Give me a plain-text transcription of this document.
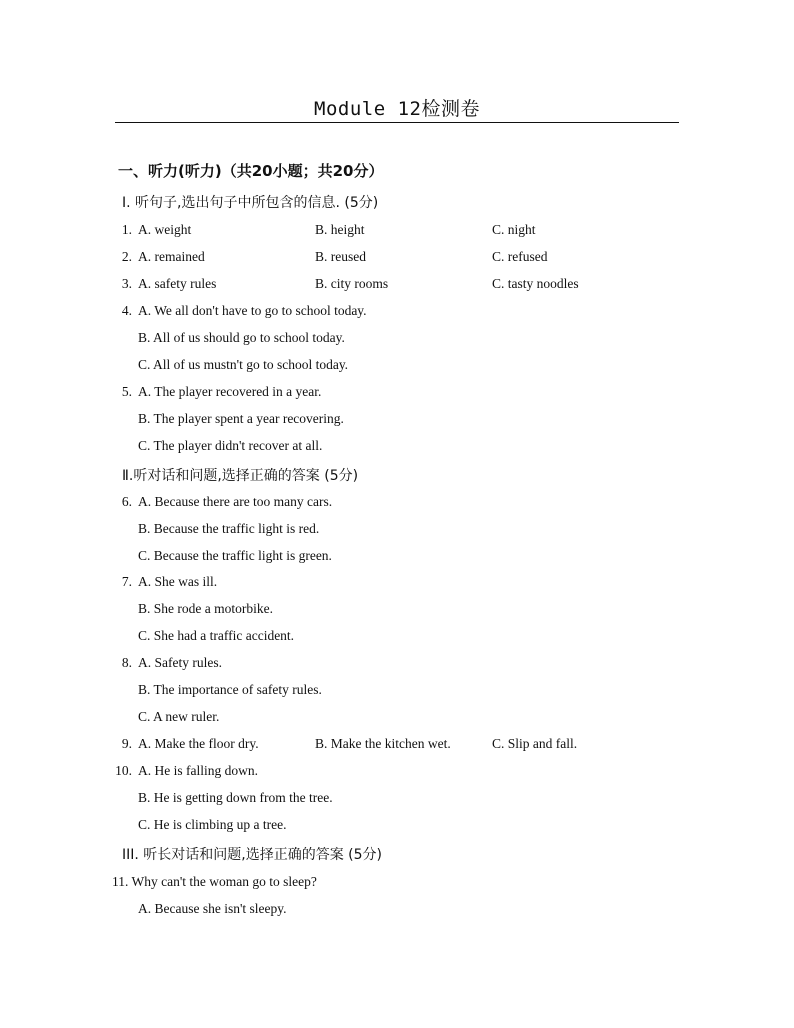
Module 12检测卷
一、听力(听力)（共20小题；共20分）
Ⅰ. 听句子,选出句子中所包含的信息. (5分)
1. A. weight	B. height	C. night
2. A. remained	B. reused	C. refused
3. A. safety rules	B. city rooms	C. tasty noodles
4. A. We all don't have to go to school today.
B. All of us should go to school today.
C. All of us mustn't go to school today.
5. A. The player recovered in a year.
B. The player spent a year recovering.
C. The player didn't recover at all.
Ⅱ.听对话和问题,选择正确的答案 (5分)
6. A. Because there are too many cars.
B. Because the traffic light is red.
C. Because the traffic light is green.
7. A. She was ill.
B. She rode a motorbike.
C. She had a traffic accident.
8. A. Safety rules.
B. The importance of safety rules.
C. A new ruler.
9. A. Make the floor dry.	B. Make the kitchen wet.	C. Slip and fall.
10. A. He is falling down.
B. He is getting down from the tree.
C. He is climbing up a tree.
III. 听长对话和问题,选择正确的答案 (5分)
11. Why can't the woman go to sleep?
A. Because she isn't sleepy.
